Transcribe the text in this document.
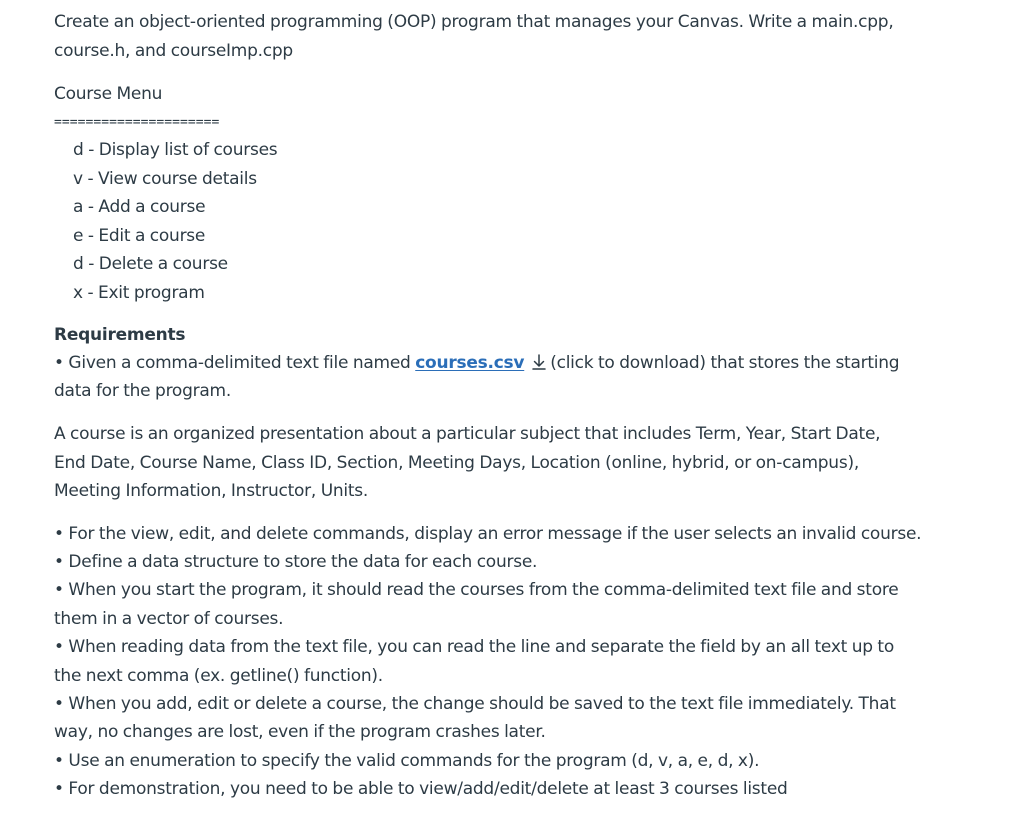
Create an object-oriented programming (OOP) program that manages your Canvas. Write a main.cpp,
course.h, and courseImp.cpp
Course Menu
=====================
d - Display list of courses
v - View course details
a - Add a course
e - Edit a course
d - Delete a course
x - Exit program
Requirements
• Given a comma-delimited text file named courses.csv (click to download) that stores the starting
data for the program.
A course is an organized presentation about a particular subject that includes Term, Year, Start Date,
End Date, Course Name, Class ID, Section, Meeting Days, Location (online, hybrid, or on-campus),
Meeting Information, Instructor, Units.
• For the view, edit, and delete commands, display an error message if the user selects an invalid course.
• Define a data structure to store the data for each course.
• When you start the program, it should read the courses from the comma-delimited text file and store
them in a vector of courses.
• When reading data from the text file, you can read the line and separate the field by an all text up to
the next comma (ex. getline() function).
• When you add, edit or delete a course, the change should be saved to the text file immediately. That
way, no changes are lost, even if the program crashes later.
• Use an enumeration to specify the valid commands for the program (d, v, a, e, d, x).
• For demonstration, you need to be able to view/add/edit/delete at least 3 courses listed
